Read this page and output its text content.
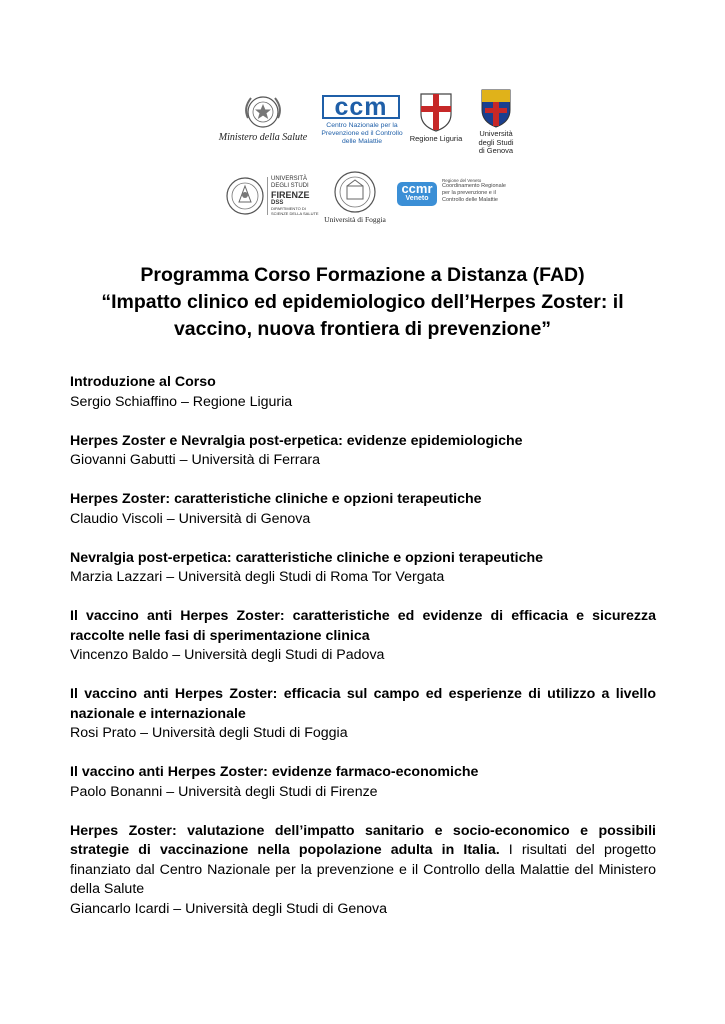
Ministero della Salute
ccm
Centro Nazionale per la
Prevenzione ed il Controllo
delle Malattie	Regione Liguria
Università
degli Studi
di Genova
UNIVERSITÀ
DEGLI STUDI
FIRENZE
DSS
DIPARTIMENTO DI
SCIENZE DELLA SALUTE
Università di Foggia
ccmr
Veneto
Regione del Veneto
Coordinamento Regionale
per la prevenzione e il
Controllo delle Malattie
Programma Corso Formazione a Distanza (FAD)
“Impatto clinico ed epidemiologico dell’Herpes Zoster: il
vaccino, nuova frontiera di prevenzione”
Introduzione al Corso
Sergio Schiaffino – Regione Liguria
Herpes Zoster e Nevralgia post-erpetica: evidenze epidemiologiche
Giovanni Gabutti – Università di Ferrara
Herpes Zoster: caratteristiche cliniche e opzioni terapeutiche
Claudio Viscoli – Università di Genova
Nevralgia post-erpetica: caratteristiche cliniche e opzioni terapeutiche
Marzia Lazzari – Università degli Studi di Roma Tor Vergata
Il vaccino anti Herpes Zoster: caratteristiche ed evidenze di efficacia e sicurezza raccolte nelle fasi di sperimentazione clinica
Vincenzo Baldo – Università degli Studi di Padova
Il vaccino anti Herpes Zoster: efficacia sul campo ed esperienze di utilizzo a livello nazionale e internazionale
Rosi Prato – Università degli Studi di Foggia
Il vaccino anti Herpes Zoster: evidenze farmaco-economiche
Paolo Bonanni – Università degli Studi di Firenze
Herpes Zoster: valutazione dell’impatto sanitario e socio-economico e possibili strategie di vaccinazione nella popolazione adulta in Italia. I risultati del progetto finanziato dal Centro Nazionale per la prevenzione e il Controllo della Malattie del Ministero della Salute
Giancarlo Icardi – Università degli Studi di Genova
